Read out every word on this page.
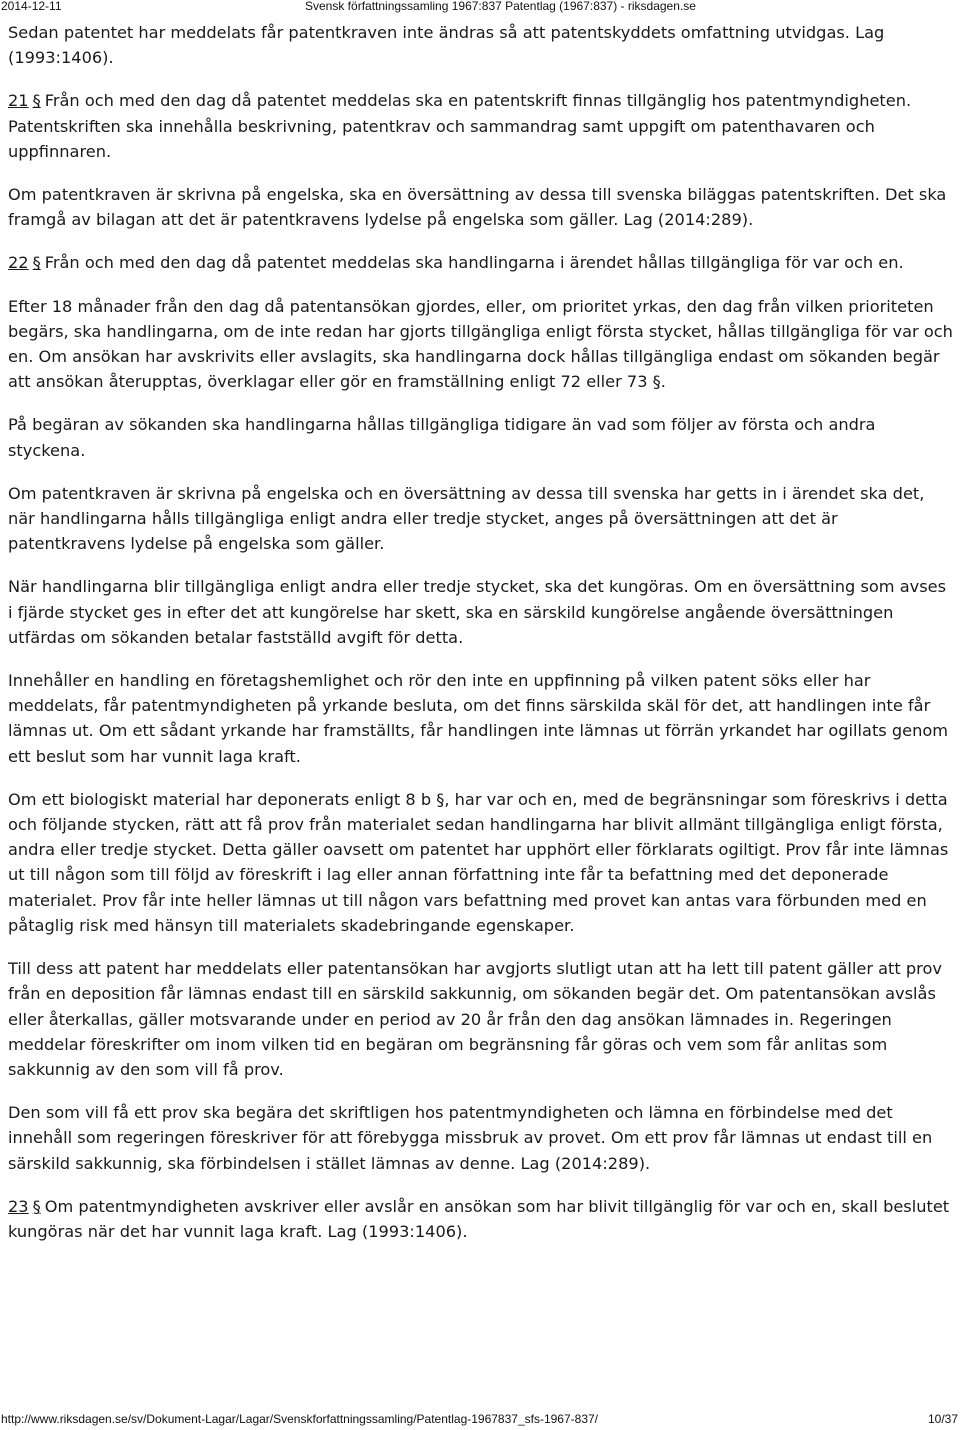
2014-12-11	Svensk författningssamling 1967:837 Patentlag (1967:837) - riksdagen.se

Sedan patentet har meddelats får patentkraven inte ändras så att patentskyddets omfattning utvidgas. Lag (1993:1406).

21 § Från och med den dag då patentet meddelas ska en patentskrift finnas tillgänglig hos patentmyndigheten. Patentskriften ska innehålla beskrivning, patentkrav och sammandrag samt uppgift om patenthavaren och uppfinnaren.

Om patentkraven är skrivna på engelska, ska en översättning av dessa till svenska biläggas patentskriften. Det ska framgå av bilagan att det är patentkravens lydelse på engelska som gäller. Lag (2014:289).

22 § Från och med den dag då patentet meddelas ska handlingarna i ärendet hållas tillgängliga för var och en.

Efter 18 månader från den dag då patentansökan gjordes, eller, om prioritet yrkas, den dag från vilken prioriteten begärs, ska handlingarna, om de inte redan har gjorts tillgängliga enligt första stycket, hållas tillgängliga för var och en. Om ansökan har avskrivits eller avslagits, ska handlingarna dock hållas tillgängliga endast om sökanden begär att ansökan återupptas, överklagar eller gör en framställning enligt 72 eller 73 §.

På begäran av sökanden ska handlingarna hållas tillgängliga tidigare än vad som följer av första och andra styckena.

Om patentkraven är skrivna på engelska och en översättning av dessa till svenska har getts in i ärendet ska det, när handlingarna hålls tillgängliga enligt andra eller tredje stycket, anges på översättningen att det är patentkravens lydelse på engelska som gäller.

När handlingarna blir tillgängliga enligt andra eller tredje stycket, ska det kungöras. Om en översättning som avses i fjärde stycket ges in efter det att kungörelse har skett, ska en särskild kungörelse angående översättningen utfärdas om sökanden betalar fastställd avgift för detta.

Innehåller en handling en företagshemlighet och rör den inte en uppfinning på vilken patent söks eller har meddelats, får patentmyndigheten på yrkande besluta, om det finns särskilda skäl för det, att handlingen inte får lämnas ut. Om ett sådant yrkande har framställts, får handlingen inte lämnas ut förrän yrkandet har ogillats genom ett beslut som har vunnit laga kraft.

Om ett biologiskt material har deponerats enligt 8 b §, har var och en, med de begränsningar som föreskrivs i detta och följande stycken, rätt att få prov från materialet sedan handlingarna har blivit allmänt tillgängliga enligt första, andra eller tredje stycket. Detta gäller oavsett om patentet har upphört eller förklarats ogiltigt. Prov får inte lämnas ut till någon som till följd av föreskrift i lag eller annan författning inte får ta befattning med det deponerade materialet. Prov får inte heller lämnas ut till någon vars befattning med provet kan antas vara förbunden med en påtaglig risk med hänsyn till materialets skadebringande egenskaper.

Till dess att patent har meddelats eller patentansökan har avgjorts slutligt utan att ha lett till patent gäller att prov från en deposition får lämnas endast till en särskild sakkunnig, om sökanden begär det. Om patentansökan avslås eller återkallas, gäller motsvarande under en period av 20 år från den dag ansökan lämnades in. Regeringen meddelar föreskrifter om inom vilken tid en begäran om begränsning får göras och vem som får anlitas som sakkunnig av den som vill få prov.

Den som vill få ett prov ska begära det skriftligen hos patentmyndigheten och lämna en förbindelse med det innehåll som regeringen föreskriver för att förebygga missbruk av provet. Om ett prov får lämnas ut endast till en särskild sakkunnig, ska förbindelsen i stället lämnas av denne. Lag (2014:289).

23 § Om patentmyndigheten avskriver eller avslår en ansökan som har blivit tillgänglig för var och en, skall beslutet kungöras när det har vunnit laga kraft. Lag (1993:1406).

http://www.riksdagen.se/sv/Dokument-Lagar/Lagar/Svenskforfattningssamling/Patentlag-1967837_sfs-1967-837/	10/37
